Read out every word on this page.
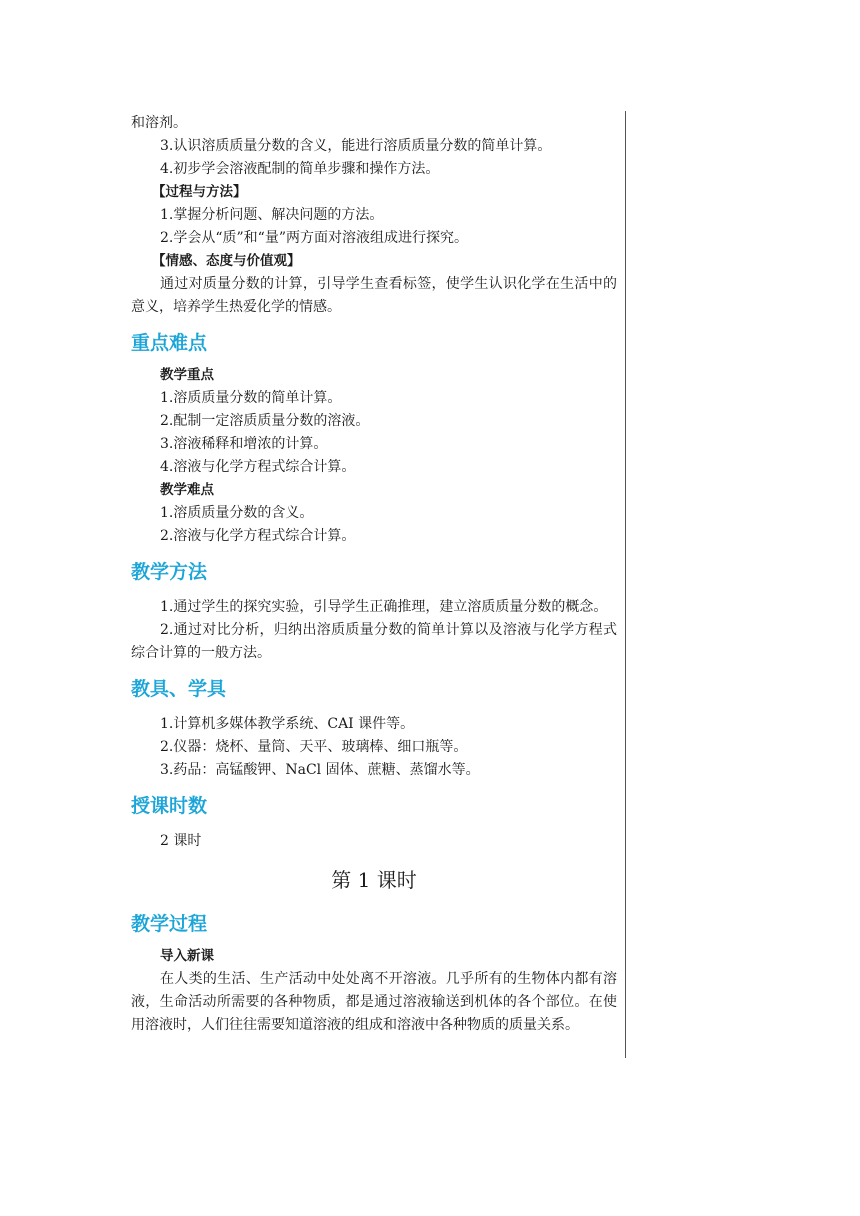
和溶剂。

3.认识溶质质量分数的含义，能进行溶质质量分数的简单计算。

4.初步学会溶液配制的简单步骤和操作方法。

【过程与方法】

1.掌握分析问题、解决问题的方法。

2.学会从“质”和“量”两方面对溶液组成进行探究。

【情感、态度与价值观】

通过对质量分数的计算，引导学生查看标签，使学生认识化学在生活中的意义，培养学生热爱化学的情感。

重点难点

教学重点

1.溶质质量分数的简单计算。

2.配制一定溶质质量分数的溶液。

3.溶液稀释和增浓的计算。

4.溶液与化学方程式综合计算。

教学难点

1.溶质质量分数的含义。

2.溶液与化学方程式综合计算。

教学方法

1.通过学生的探究实验，引导学生正确推理，建立溶质质量分数的概念。

2.通过对比分析，归纳出溶质质量分数的简单计算以及溶液与化学方程式综合计算的一般方法。

教具、学具

1.计算机多媒体教学系统、CAI 课件等。

2.仪器：烧杯、量筒、天平、玻璃棒、细口瓶等。

3.药品：高锰酸钾、NaCl 固体、蔗糖、蒸馏水等。

授课时数

2 课时

第 1 课时

教学过程

导入新课

在人类的生活、生产活动中处处离不开溶液。几乎所有的生物体内都有溶液，生命活动所需要的各种物质，都是通过溶液输送到机体的各个部位。在使用溶液时，人们往往需要知道溶液的组成和溶液中各种物质的质量关系。
